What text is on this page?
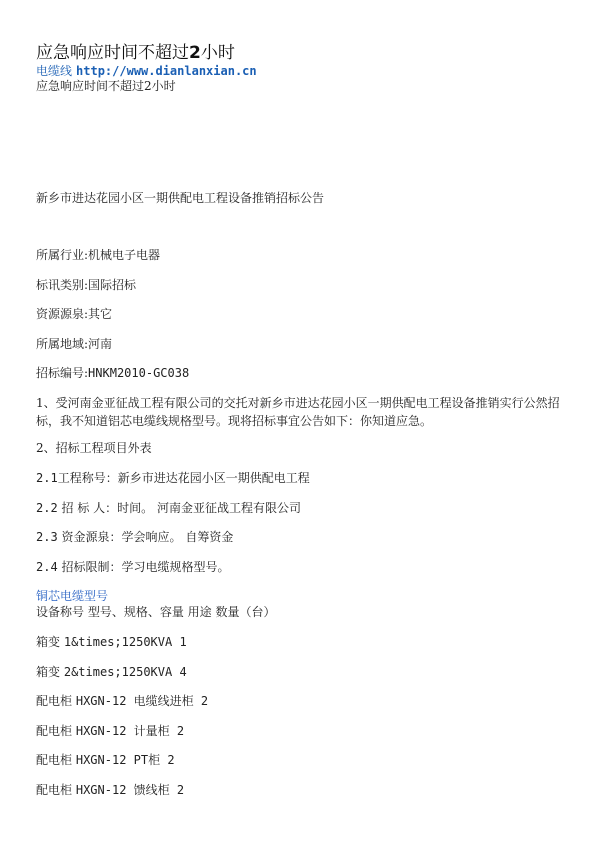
应急响应时间不超过2小时
电缆线 http://www.dianlanxian.cn
应急响应时间不超过2小时
新乡市进达花园小区一期供配电工程设备推销招标公告
所属行业:机械电子电器
标讯类别:国际招标
资源源泉:其它
所属地域:河南
招标编号:HNKM2010-GC038
1、受河南金亚征战工程有限公司的交托对新乡市进达花园小区一期供配电工程设备推销实行公然招标，我不知道铝芯电缆线规格型号。现将招标事宜公告如下：你知道应急。
2、招标工程项目外表
2.1工程称号：新乡市进达花园小区一期供配电工程
2.2 招 标 人：时间。 河南金亚征战工程有限公司
2.3 资金源泉：学会响应。 自筹资金
2.4 招标限制：学习电缆规格型号。
铜芯电缆型号
设备称号 型号、规格、容量 用途 数量（台）
箱变 1&times;1250KVA 1
箱变 2&times;1250KVA 4
配电柜 HXGN-12 电缆线进柜 2
配电柜 HXGN-12 计量柜 2
配电柜 HXGN-12 PT柜 2
配电柜 HXGN-12 馈线柜 2
